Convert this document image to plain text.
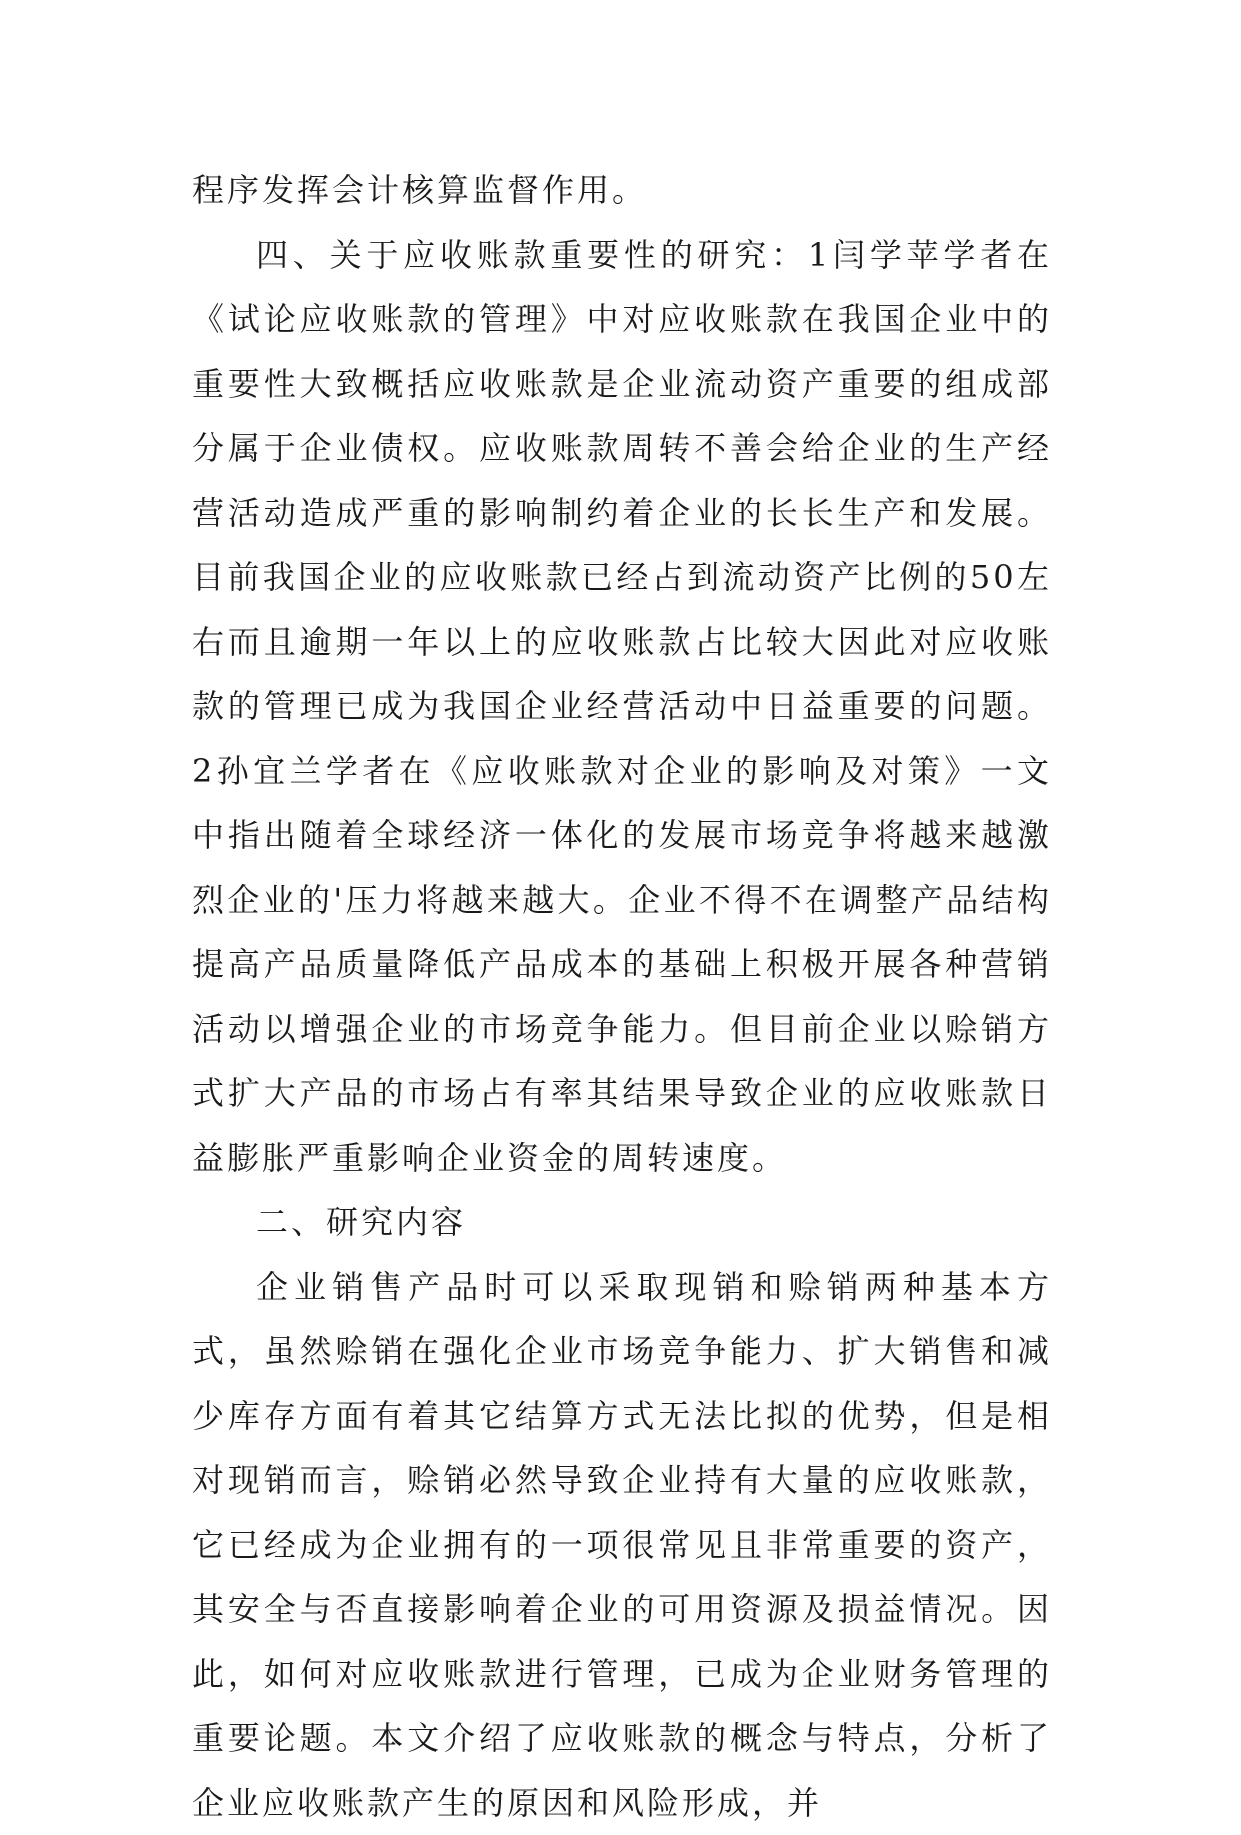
程序发挥会计核算监督作用。

四、关于应收账款重要性的研究：1闫学苹学者在《试论应收账款的管理》中对应收账款在我国企业中的重要性大致概括应收账款是企业流动资产重要的组成部分属于企业债权。应收账款周转不善会给企业的生产经营活动造成严重的影响制约着企业的长长生产和发展。目前我国企业的应收账款已经占到流动资产比例的50左右而且逾期一年以上的应收账款占比较大因此对应收账款的管理已成为我国企业经营活动中日益重要的问题。2孙宜兰学者在《应收账款对企业的影响及对策》一文中指出随着全球经济一体化的发展市场竞争将越来越激烈企业的'压力将越来越大。企业不得不在调整产品结构提高产品质量降低产品成本的基础上积极开展各种营销活动以增强企业的市场竞争能力。但目前企业以赊销方式扩大产品的市场占有率其结果导致企业的应收账款日益膨胀严重影响企业资金的周转速度。

二、研究内容

企业销售产品时可以采取现销和赊销两种基本方式，虽然赊销在强化企业市场竞争能力、扩大销售和减少库存方面有着其它结算方式无法比拟的优势，但是相对现销而言，赊销必然导致企业持有大量的应收账款，它已经成为企业拥有的一项很常见且非常重要的资产，其安全与否直接影响着企业的可用资源及损益情况。因此，如何对应收账款进行管理，已成为企业财务管理的重要论题。本文介绍了应收账款的概念与特点，分析了企业应收账款产生的原因和风险形成，并
